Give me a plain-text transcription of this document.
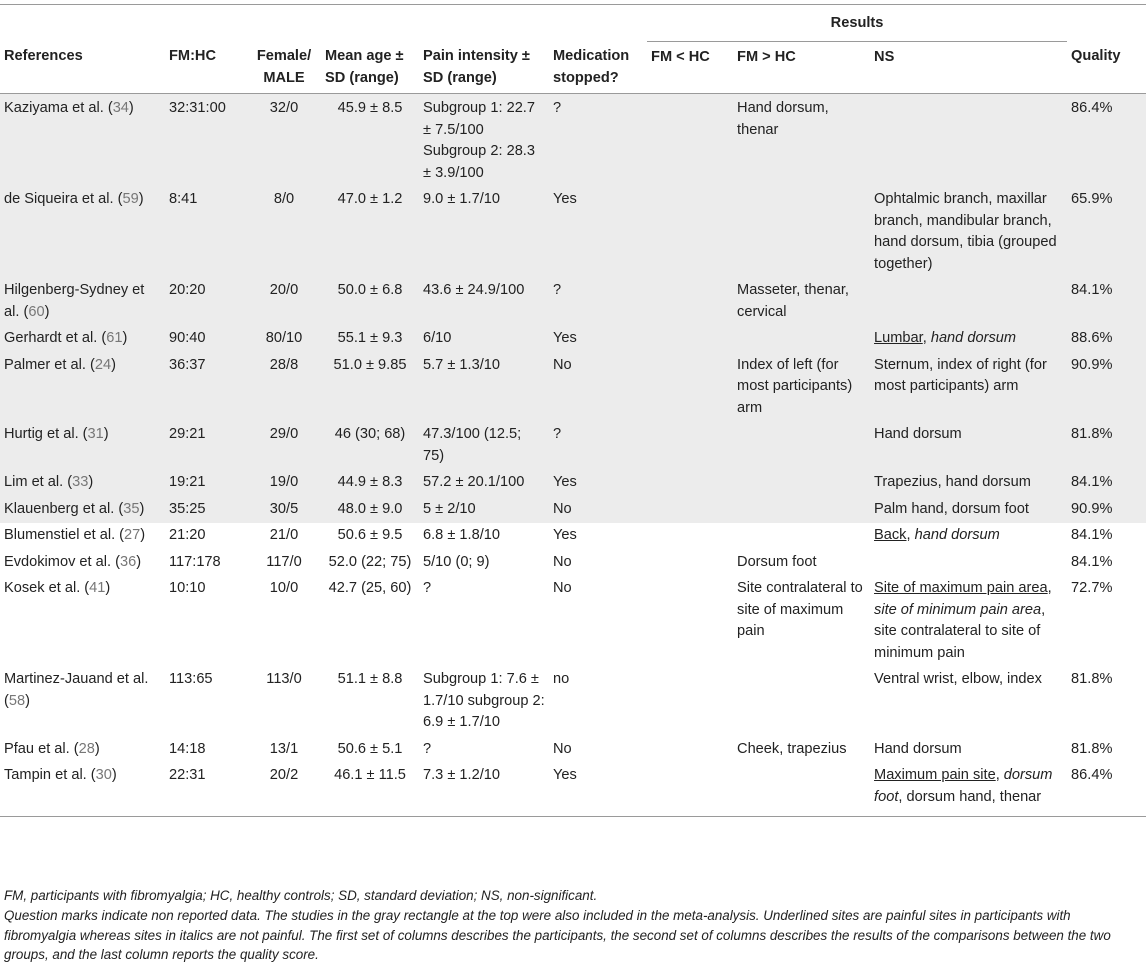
						Results			
References	FM:HC	Female/ MALE	Mean age ± SD (range)	Pain intensity ± SD (range)	Medication stopped?	FM < HC	FM > HC	NS	Quality
Kaziyama et al. (34)	32:31:00	32/0	45.9 ± 8.5	Subgroup 1: 22.7 ± 7.5/100 Subgroup 2: 28.3 ± 3.9/100	?		Hand dorsum, thenar		86.4%
de Siqueira et al. (59)	8:41	8/0	47.0 ± 1.2	9.0 ± 1.7/10	Yes			Ophtalmic branch, maxillar branch, mandibular branch, hand dorsum, tibia (grouped together)	65.9%
Hilgenberg-Sydney et al. (60)	20:20	20/0	50.0 ± 6.8	43.6 ± 24.9/100	?		Masseter, thenar, cervical		84.1%
Gerhardt et al. (61)	90:40	80/10	55.1 ± 9.3	6/10	Yes			Lumbar, hand dorsum	88.6%
Palmer et al. (24)	36:37	28/8	51.0 ± 9.85	5.7 ± 1.3/10	No		Index of left (for most participants) arm	Sternum, index of right (for most participants) arm	90.9%
Hurtig et al. (31)	29:21	29/0	46 (30; 68)	47.3/100 (12.5; 75)	?			Hand dorsum	81.8%
Lim et al. (33)	19:21	19/0	44.9 ± 8.3	57.2 ± 20.1/100	Yes			Trapezius, hand dorsum	84.1%
Klauenberg et al. (35)	35:25	30/5	48.0 ± 9.0	5 ± 2/10	No			Palm hand, dorsum foot	90.9%
Blumenstiel et al. (27)	21:20	21/0	50.6 ± 9.5	6.8 ± 1.8/10	Yes			Back, hand dorsum	84.1%
Evdokimov et al. (36)	117:178	117/0	52.0 (22; 75)	5/10 (0; 9)	No		Dorsum foot		84.1%
Kosek et al. (41)	10:10	10/0	42.7 (25, 60)	?	No		Site contralateral to site of maximum pain	Site of maximum pain area, site of minimum pain area, site contralateral to site of minimum pain	72.7%
Martinez-Jauand et al. (58)	113:65	113/0	51.1 ± 8.8	Subgroup 1: 7.6 ± 1.7/10 subgroup 2: 6.9 ± 1.7/10	no			Ventral wrist, elbow, index	81.8%
Pfau et al. (28)	14:18	13/1	50.6 ± 5.1	?	No		Cheek, trapezius	Hand dorsum	81.8%
Tampin et al. (30)	22:31	20/2	46.1 ± 11.5	7.3 ± 1.2/10	Yes			Maximum pain site, dorsum foot, dorsum hand, thenar	86.4%

FM, participants with fibromyalgia; HC, healthy controls; SD, standard deviation; NS, non-significant.

Question marks indicate non reported data. The studies in the gray rectangle at the top were also included in the meta-analysis. Underlined sites are painful sites in participants with fibromyalgia whereas sites in italics are not painful. The first set of columns describes the participants, the second set of columns describes the results of the comparisons between the two groups, and the last column reports the quality score.
